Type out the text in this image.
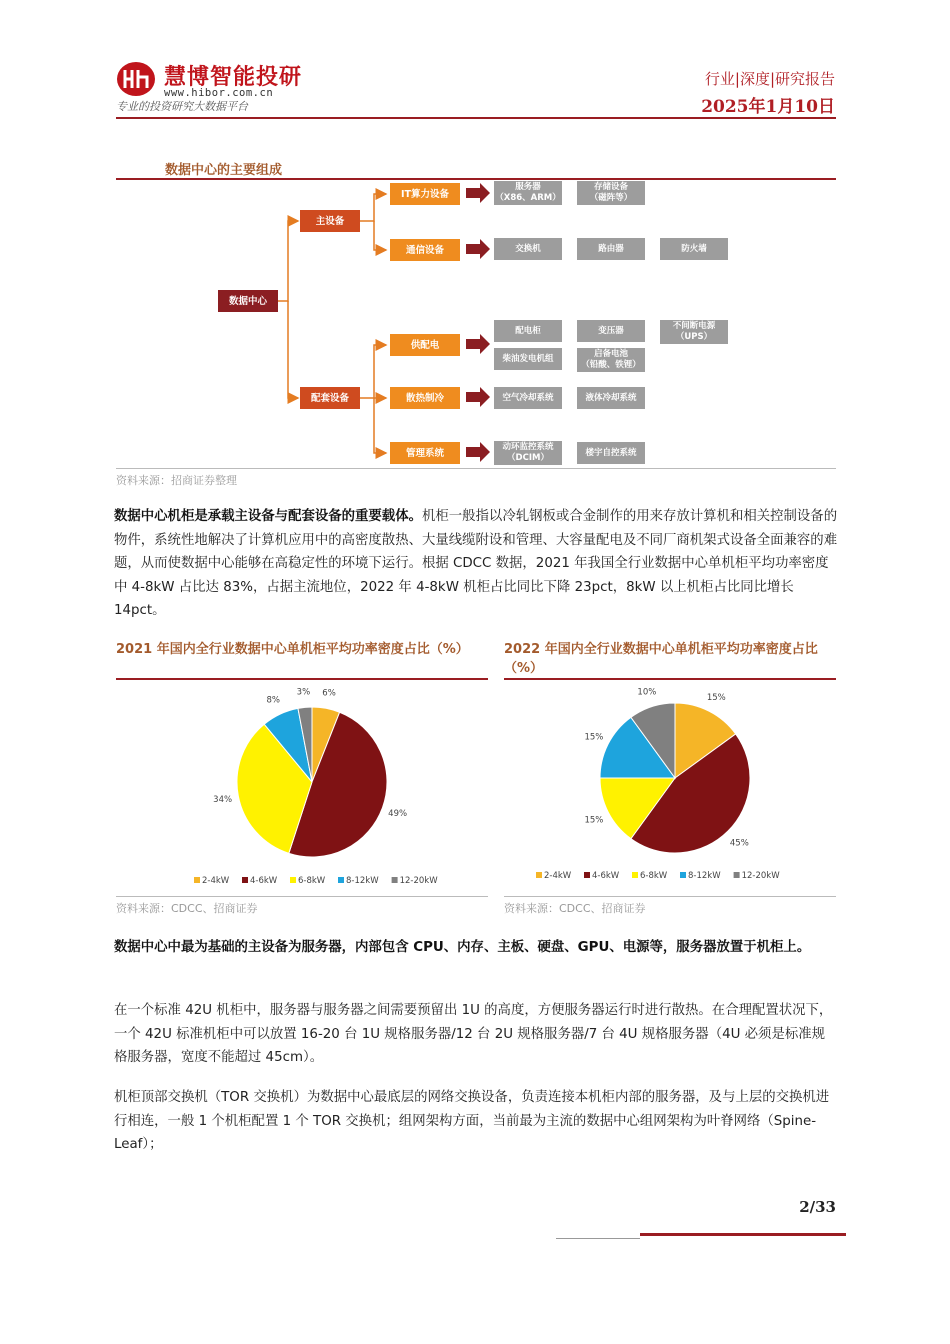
慧博智能投研
www.hibor.com.cn
专业的投资研究大数据平台
行业|深度|研究报告
2025年1月10日
数据中心的主要组成
数据中心
主设备
配套设备
IT算力设备
通信设备
供配电
散热制冷
管理系统
服务器
（X86、ARM）
存储设备
（磁阵等）
交换机	路由器	防火墙
配电柜	变压器	不间断电源
（UPS）
柴油发电机组	启备电池
（铅酸、铁锂）
空气冷却系统	液体冷却系统
动环监控系统
（DCIM）
楼宇自控系统
资料来源：招商证券整理
数据中心机柜是承载主设备与配套设备的重要载体。机柜一般指以冷轧钢板或合金制作的用来存放计算机和相关控制设备的物件，系统性地解决了计算机应用中的高密度散热、大量线缆附设和管理、大容量配电及不同厂商机架式设备全面兼容的难题，从而使数据中心能够在高稳定性的环境下运行。根据 CDCC 数据，2021 年我国全行业数据中心单机柜平均功率密度中 4-8kW 占比达 83%，占据主流地位，2022 年 4-8kW 机柜占比同比下降 23pct，8kW 以上机柜占比同比增长 14pct。
2021 年国内全行业数据中心单机柜平均功率密度占比（%）
6%
49%
34%
8%
3%
2-4kW 4-6kW 6-8kW 8-12kW 12-20kW
资料来源：CDCC、招商证券
2022 年国内全行业数据中心单机柜平均功率密度占比（%）
15%
45%
15%
15%
10%
2-4kW 4-6kW 6-8kW 8-12kW 12-20kW
资料来源：CDCC、招商证券
数据中心中最为基础的主设备为服务器，内部包含 CPU、内存、主板、硬盘、GPU、电源等，服务器放置于机柜上。
在一个标准 42U 机柜中，服务器与服务器之间需要预留出 1U 的高度，方便服务器运行时进行散热。在合理配置状况下，一个 42U 标准机柜中可以放置 16-20 台 1U 规格服务器/12 台 2U 规格服务器/7 台 4U 规格服务器（4U 必须是标准规格服务器，宽度不能超过 45cm）。
机柜顶部交换机（TOR 交换机）为数据中心最底层的网络交换设备，负责连接本机柜内部的服务器，及与上层的交换机进行相连，一般 1 个机柜配置 1 个 TOR 交换机；组网架构方面，当前最为主流的数据中心组网架构为叶脊网络（Spine-Leaf）；
2/33
